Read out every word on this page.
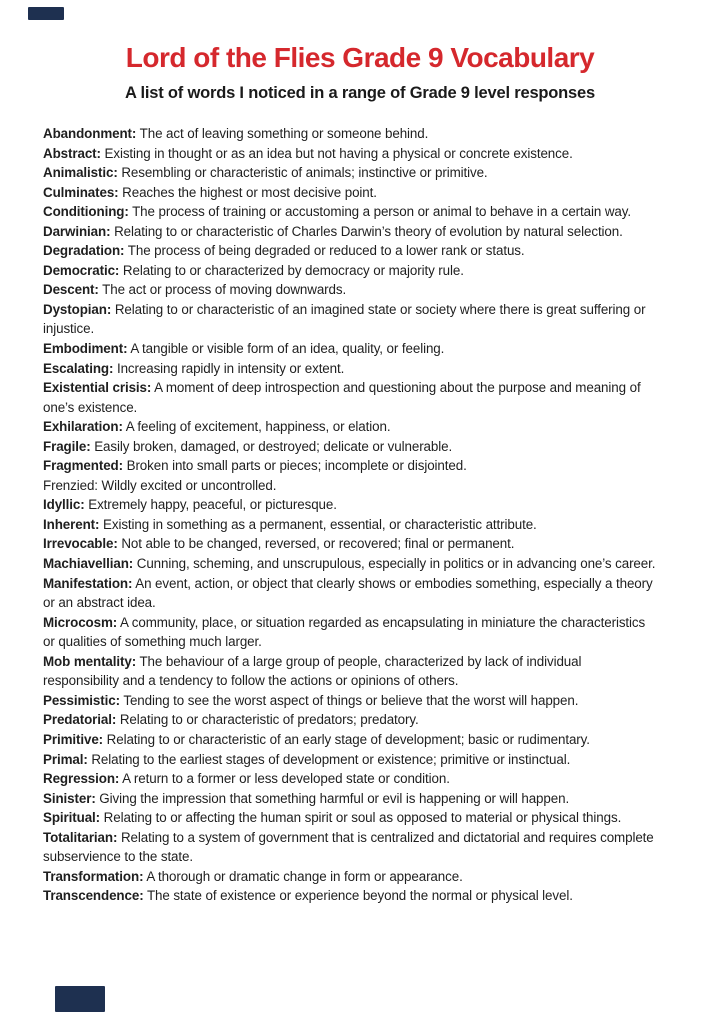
Lord of the Flies Grade 9 Vocabulary
A list of words I noticed in a range of Grade 9 level responses

Abandonment: The act of leaving something or someone behind.

Abstract: Existing in thought or as an idea but not having a physical or concrete existence.

Animalistic: Resembling or characteristic of animals; instinctive or primitive.

Culminates: Reaches the highest or most decisive point.

Conditioning: The process of training or accustoming a person or animal to behave in a certain way.

Darwinian: Relating to or characteristic of Charles Darwin’s theory of evolution by natural selection.

Degradation: The process of being degraded or reduced to a lower rank or status.

Democratic: Relating to or characterized by democracy or majority rule.

Descent: The act or process of moving downwards.

Dystopian: Relating to or characteristic of an imagined state or society where there is great suffering or injustice.

Embodiment: A tangible or visible form of an idea, quality, or feeling.

Escalating: Increasing rapidly in intensity or extent.

Existential crisis: A moment of deep introspection and questioning about the purpose and meaning of one’s existence.

Exhilaration: A feeling of excitement, happiness, or elation.

Fragile: Easily broken, damaged, or destroyed; delicate or vulnerable.

Fragmented: Broken into small parts or pieces; incomplete or disjointed.

Frenzied: Wildly excited or uncontrolled.

Idyllic: Extremely happy, peaceful, or picturesque.

Inherent: Existing in something as a permanent, essential, or characteristic attribute.

Irrevocable: Not able to be changed, reversed, or recovered; final or permanent.

Machiavellian: Cunning, scheming, and unscrupulous, especially in politics or in advancing one’s career.

Manifestation: An event, action, or object that clearly shows or embodies something, especially a theory or an abstract idea.

Microcosm: A community, place, or situation regarded as encapsulating in miniature the characteristics or qualities of something much larger.

Mob mentality: The behaviour of a large group of people, characterized by lack of individual responsibility and a tendency to follow the actions or opinions of others.

Pessimistic: Tending to see the worst aspect of things or believe that the worst will happen.

Predatorial: Relating to or characteristic of predators; predatory.

Primitive: Relating to or characteristic of an early stage of development; basic or rudimentary.

Primal: Relating to the earliest stages of development or existence; primitive or instinctual.

Regression: A return to a former or less developed state or condition.

Sinister: Giving the impression that something harmful or evil is happening or will happen.

Spiritual: Relating to or affecting the human spirit or soul as opposed to material or physical things.

Totalitarian: Relating to a system of government that is centralized and dictatorial and requires complete subservience to the state.

Transformation: A thorough or dramatic change in form or appearance.

Transcendence: The state of existence or experience beyond the normal or physical level.
